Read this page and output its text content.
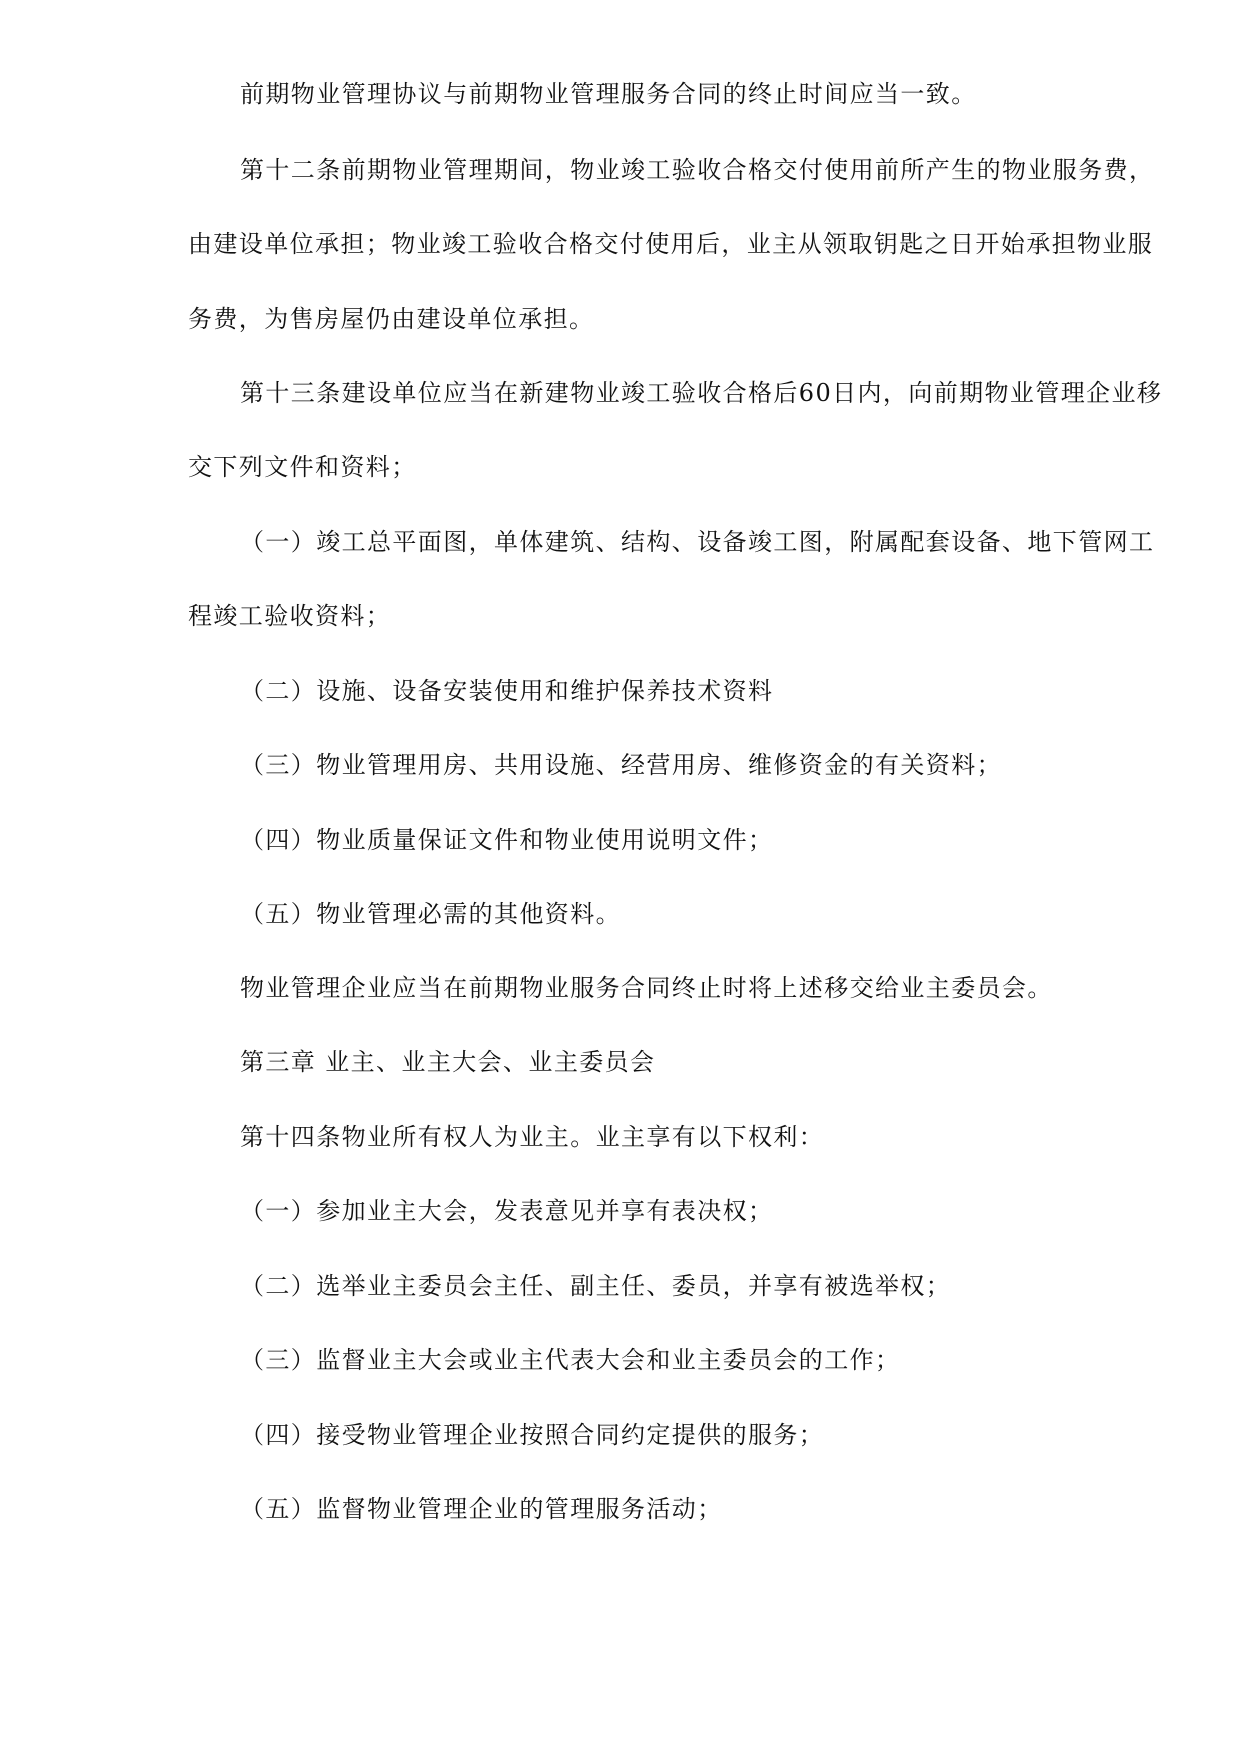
前期物业管理协议与前期物业管理服务合同的终止时间应当一致。
第十二条前期物业管理期间，物业竣工验收合格交付使用前所产生的物业服务费，
由建设单位承担；物业竣工验收合格交付使用后，业主从领取钥匙之日开始承担物业服
务费，为售房屋仍由建设单位承担。
第十三条建设单位应当在新建物业竣工验收合格后60日内，向前期物业管理企业移
交下列文件和资料；
（一）竣工总平面图，单体建筑、结构、设备竣工图，附属配套设备、地下管网工
程竣工验收资料；
（二）设施、设备安装使用和维护保养技术资料
（三）物业管理用房、共用设施、经营用房、维修资金的有关资料；
（四）物业质量保证文件和物业使用说明文件；
（五）物业管理必需的其他资料。
物业管理企业应当在前期物业服务合同终止时将上述移交给业主委员会。
第三章 业主、业主大会、业主委员会
第十四条物业所有权人为业主。业主享有以下权利：
（一）参加业主大会，发表意见并享有表决权；
（二）选举业主委员会主任、副主任、委员，并享有被选举权；
（三）监督业主大会或业主代表大会和业主委员会的工作；
（四）接受物业管理企业按照合同约定提供的服务；
（五）监督物业管理企业的管理服务活动；
